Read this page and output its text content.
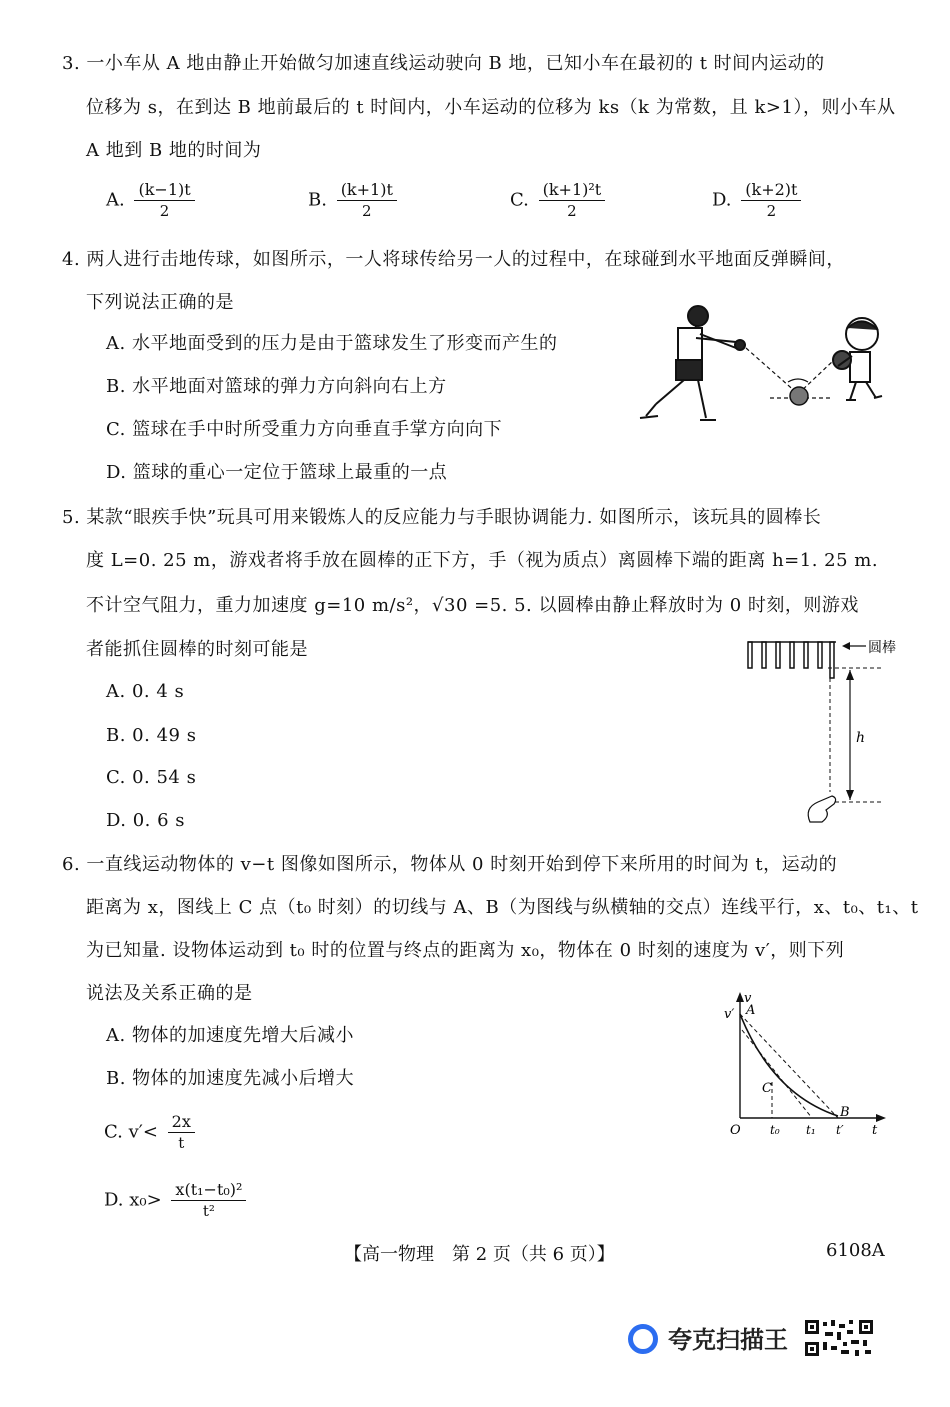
3. 一小车从 A 地由静止开始做匀加速直线运动驶向 B 地，已知小车在最初的 t 时间内运动的
位移为 s，在到达 B 地前最后的 t 时间内，小车运动的位移为 ks（k 为常数，且 k>1），则小车从
A 地到 B 地的时间为
A. $\frac{(k-1)t}{2}$	B. $\frac{(k+1)t}{2}$	C. $\frac{\text{(k+1)²t}}{2}$	D. $\frac{(k+2)t}{2}$
4. 两人进行击地传球，如图所示，一人将球传给另一人的过程中，在球碰到水平地面反弹瞬间，
下列说法正确的是
A. 水平地面受到的压力是由于篮球发生了形变而产生的
B. 水平地面对篮球的弹力方向斜向右上方
C. 篮球在手中时所受重力方向垂直手掌方向向下
D. 篮球的重心一定位于篮球上最重的一点
5. 某款“眼疾手快”玩具可用来锻炼人的反应能力与手眼协调能力. 如图所示，该玩具的圆棒长
度 L=0. 25 m，游戏者将手放在圆棒的正下方，手（视为质点）离圆棒下端的距离 h=1. 25 m.
不计空气阻力，重力加速度 g=10 m/s²，√30 =5. 5. 以圆棒由静止释放时为 0 时刻，则游戏
者能抓住圆棒的时刻可能是
A. 0. 4 s
B. 0. 49 s
C. 0. 54 s
D. 0. 6 s
圆棒
h
6. 一直线运动物体的 v−t 图像如图所示，物体从 0 时刻开始到停下来所用的时间为 t，运动的
距离为 x，图线上 C 点（t₀ 时刻）的切线与 A、B（为图线与纵横轴的交点）连线平行，x、t₀、t₁、t
为已知量. 设物体运动到 t₀ 时的位置与终点的距离为 x₀，物体在 0 时刻的速度为 v′，则下列
说法及关系正确的是
A. 物体的加速度先增大后减小
B. 物体的加速度先减小后增大
C. $v'< \frac{2x}{t}$
D. $x_0> \frac{\text{x(t₁−t₀)²}}{\text{t²}}$
v
v′ A
C
B
O t₀ t₁ t′ t
【高一物理　第 2 页（共 6 页）】	6108A
夸克扫描王
